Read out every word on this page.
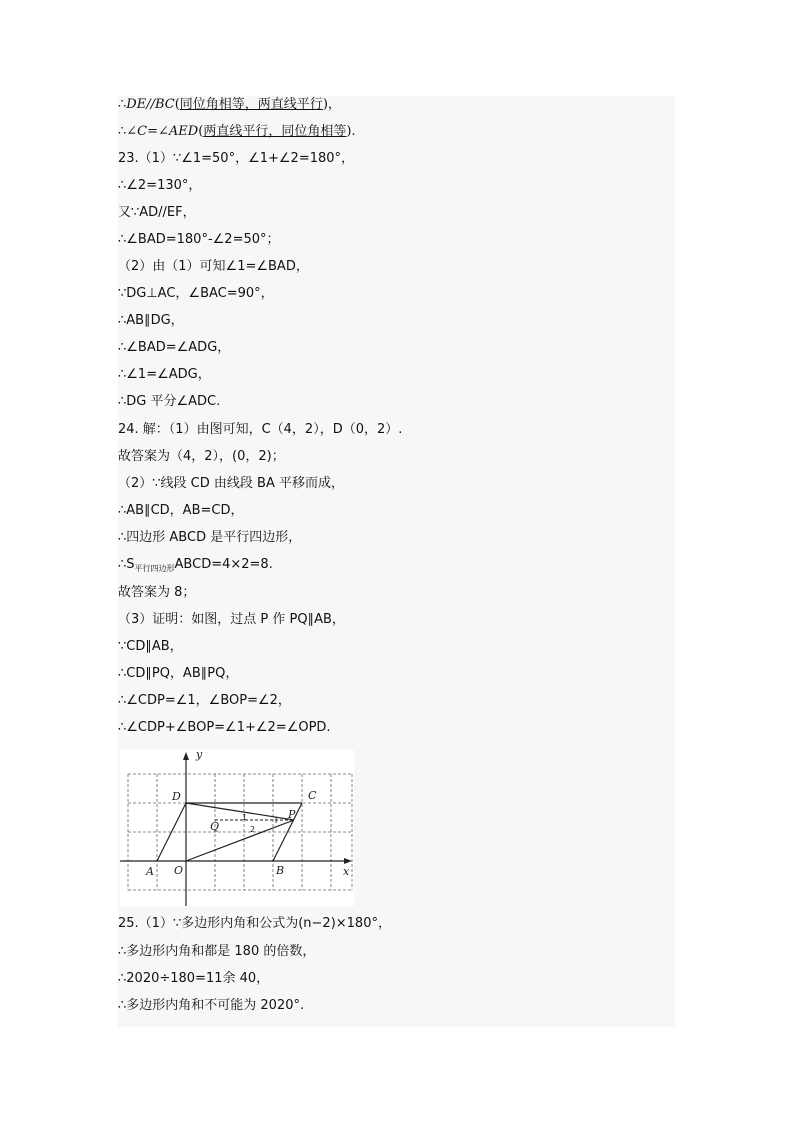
∴DE//BC(同位角相等，两直线平行)，
∴∠C=∠AED(两直线平行，同位角相等).
23.（1）∵∠1=50°，∠1+∠2=180°，
∴∠2=130°，
又∵AD//EF，
∴∠BAD=180°-∠2=50°；
（2）由（1）可知∠1=∠BAD，
∵DG⊥AC，∠BAC=90°，
∴AB∥DG，
∴∠BAD=∠ADG，
∴∠1=∠ADG，
∴DG 平分∠ADC.
24. 解：（1）由图可知，C（4，2），D（0，2）.
故答案为（4，2），(0，2)；
（2）∵线段 CD 由线段 BA 平移而成，
∴AB∥CD，AB=CD，
∴四边形 ABCD 是平行四边形，
$\therefore S_{平行四边形}ABCD=4\times 2=8$.
故答案为 8；
（3）证明：如图，过点 P 作 PQ∥AB，
∵CD∥AB，
∴CD∥PQ，AB∥PQ，
∴∠CDP=∠1，∠BOP=∠2，
∴∠CDP+∠BOP=∠1+∠2=∠OPD.
y
x
D	C
Q
P
A O	B
1
2
25.（1）∵多边形内角和公式为(n−2)×180°，
∴多边形内角和都是 180 的倍数，
∴2020÷180=11余 40，
∴多边形内角和不可能为 2020°.
